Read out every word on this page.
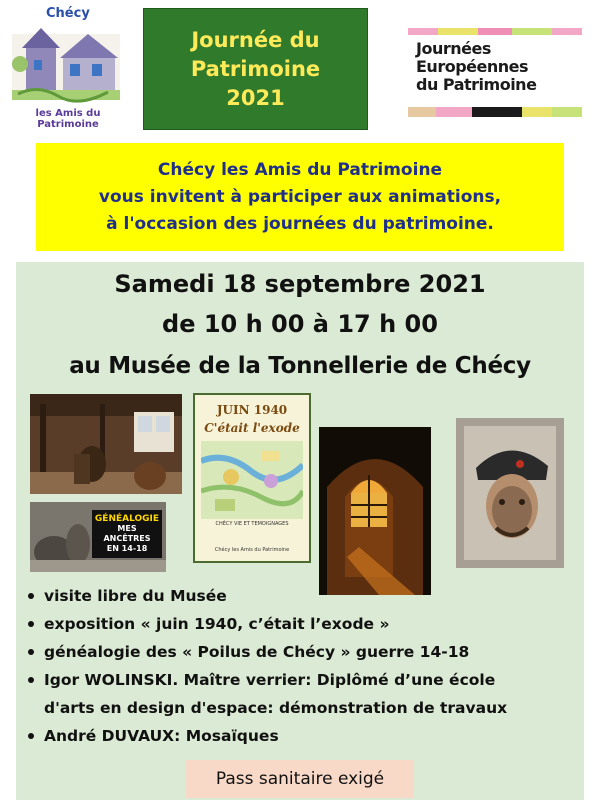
Chécy
les Amis du Patrimoine
Journée du
Patrimoine
2021
Journées
Européennes
du Patrimoine
Chécy les Amis du Patrimoine
vous invitent à participer aux animations,
à l'occasion des journées du patrimoine.
Samedi 18 septembre 2021
de 10 h 00 à 17 h 00
au Musée de la Tonnellerie de Chécy
GÉNÉALOGIE
MES
ANCÊTRES
EN 14-18
JUIN 1940
C'était l'exode
CHÉCY VIE ET TEMOIGNAGES
Chécy les Amis du Patrimoine
visite libre du Musée
exposition « juin 1940, c’était l’exode »
généalogie des « Poilus de Chécy » guerre 14-18
Igor WOLINSKI. Maître verrier: Diplômé d’une école
d'arts en design d'espace: démonstration de travaux
André DUVAUX: Mosaïques
Pass sanitaire exigé
